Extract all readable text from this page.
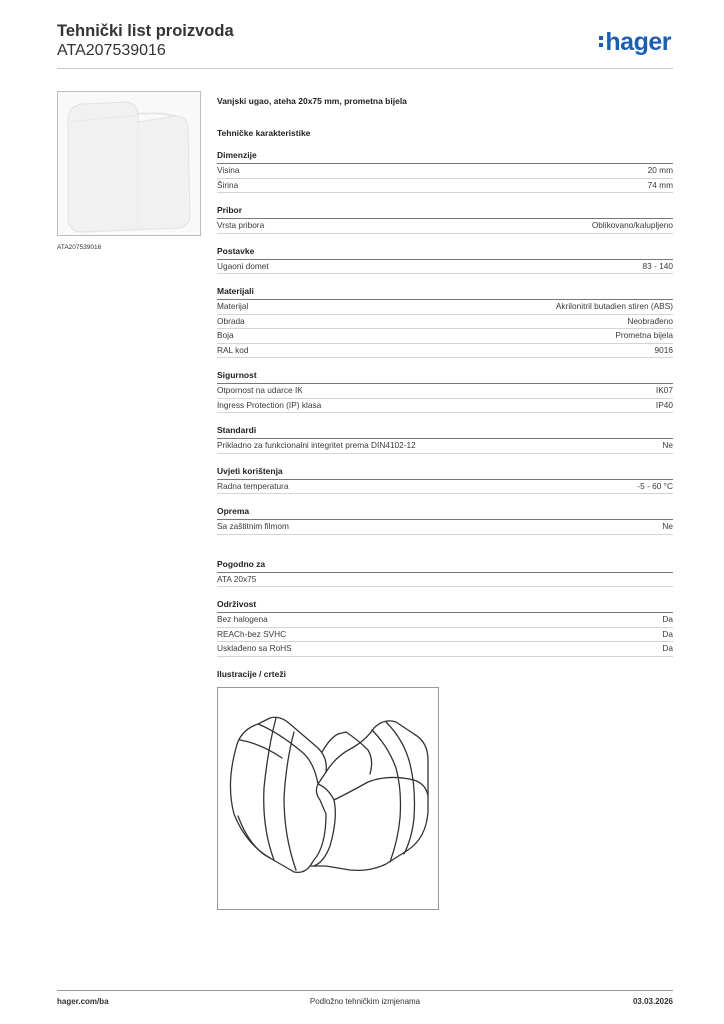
Tehnički list proizvoda
ATA207539016	hager
ATA207539016
Vanjski ugao, ateha 20x75 mm, prometna bijela
Tehničke karakteristike
Dimenzije
Visina	20 mm
Širina	74 mm
Pribor
Vrsta pribora	Oblikovano/kalupljeno
Postavke
Ugaoni domet	83 - 140
Materijali
Materijal	Akrilonitril butadien stiren (ABS)
Obrada	Neobrađeno
Boja	Prometna bijela
RAL kod	9016
Sigurnost
Otpornost na udarce IK	IK07
Ingress Protection (IP) klasa	IP40
Standardi
Prikladno za funkcionalni integritet prema DIN4102-12	Ne
Uvjeti korištenja
Radna temperatura	-5 - 60 °C
Oprema
Sa zaštitnim filmom	Ne
Pogodno za
ATA 20x75
Održivost
Bez halogena	Da
REACh-bez SVHC	Da
Usklađeno sa RoHS	Da
Ilustracije / crteži
hager.com/ba	Podložno tehničkim izmjenama	03.03.2026
